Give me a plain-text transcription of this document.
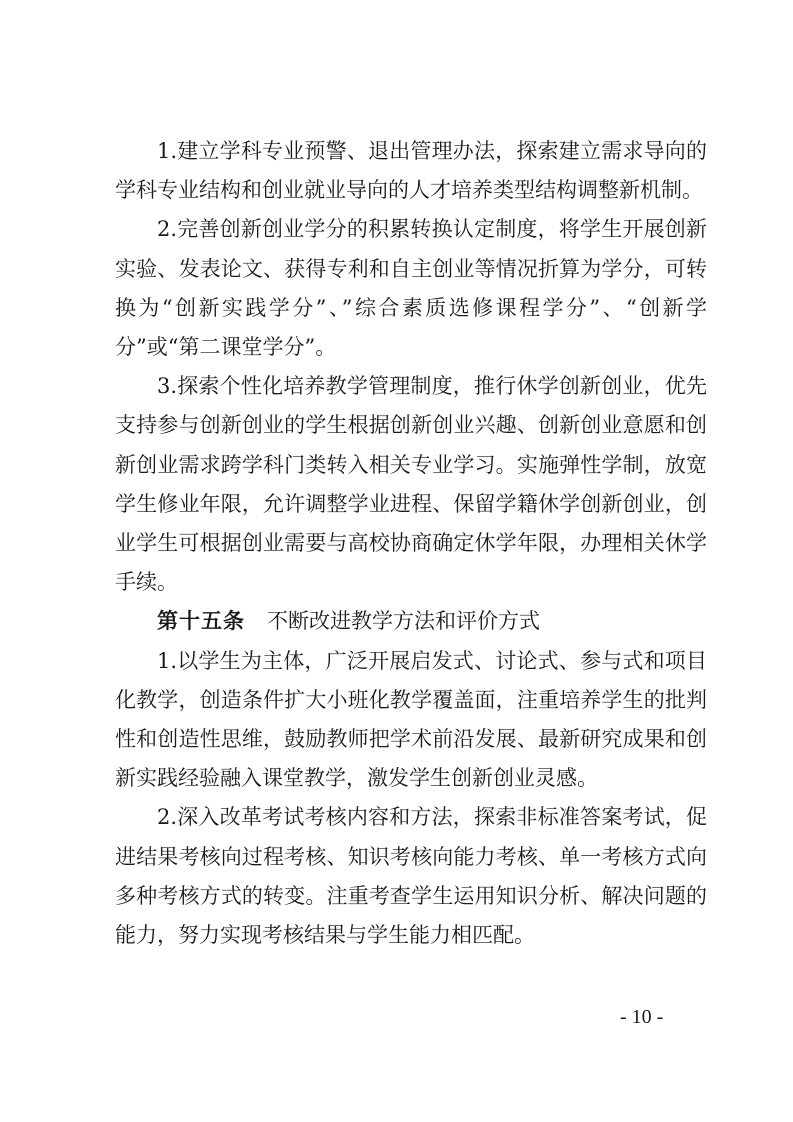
1.建立学科专业预警、退出管理办法，探索建立需求导向的学科专业结构和创业就业导向的人才培养类型结构调整新机制。

2.完善创新创业学分的积累转换认定制度，将学生开展创新实验、发表论文、获得专利和自主创业等情况折算为学分，可转换为“创新实践学分”、”综合素质选修课程学分”、“创新学分”或“第二课堂学分”。

3.探索个性化培养教学管理制度，推行休学创新创业，优先支持参与创新创业的学生根据创新创业兴趣、创新创业意愿和创新创业需求跨学科门类转入相关专业学习。实施弹性学制，放宽学生修业年限，允许调整学业进程、保留学籍休学创新创业，创业学生可根据创业需要与高校协商确定休学年限，办理相关休学手续。

第十五条 不断改进教学方法和评价方式

1.以学生为主体，广泛开展启发式、讨论式、参与式和项目化教学，创造条件扩大小班化教学覆盖面，注重培养学生的批判性和创造性思维，鼓励教师把学术前沿发展、最新研究成果和创新实践经验融入课堂教学，激发学生创新创业灵感。

2.深入改革考试考核内容和方法，探索非标准答案考试，促进结果考核向过程考核、知识考核向能力考核、单一考核方式向多种考核方式的转变。注重考查学生运用知识分析、解决问题的能力，努力实现考核结果与学生能力相匹配。

- 10 -
